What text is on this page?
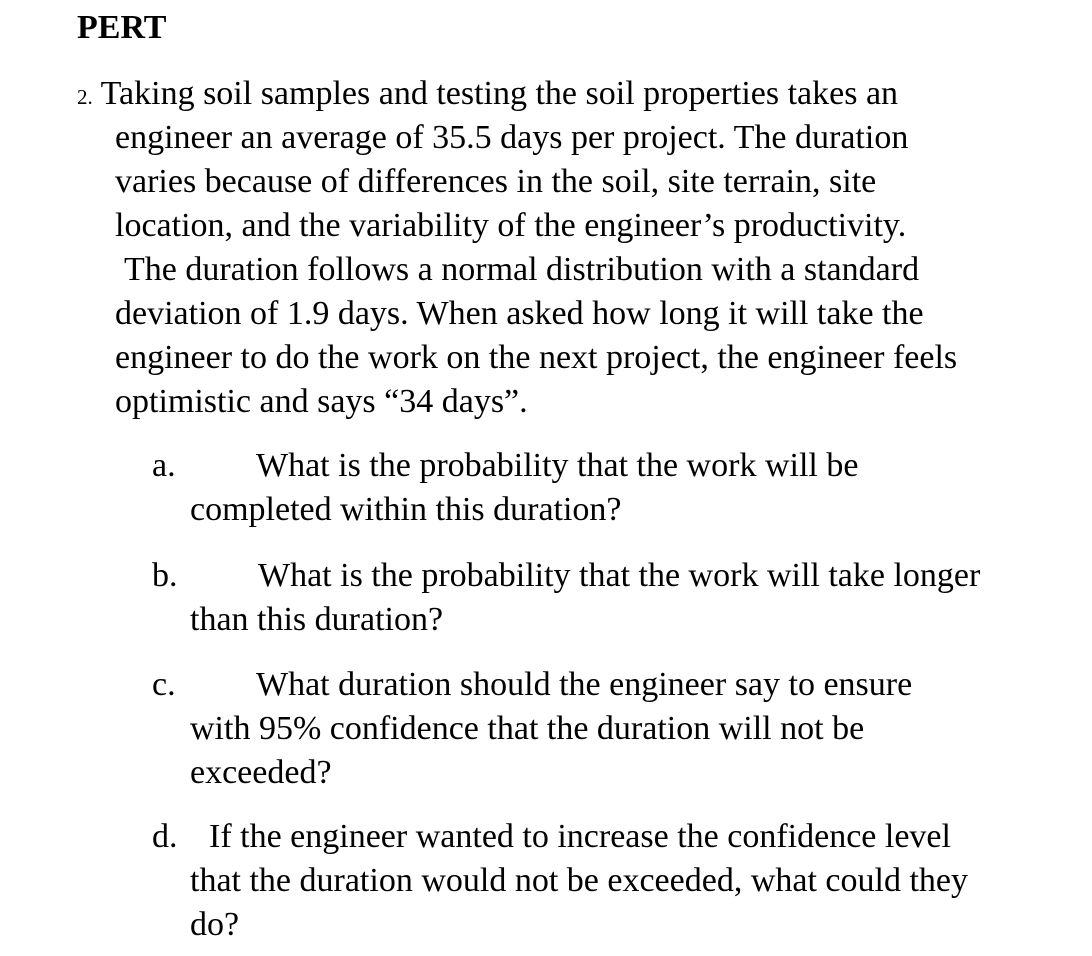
PERT
2. Taking soil samples and testing the soil properties takes an
engineer an average of 35.5 days per project. The duration
varies because of differences in the soil, site terrain, site
location, and the variability of the engineer’s productivity.
The duration follows a normal distribution with a standard
deviation of 1.9 days. When asked how long it will take the
engineer to do the work on the next project, the engineer feels
optimistic and says “34 days”.
a. What is the probability that the work will be
completed within this duration?
b. What is the probability that the work will take longer
than this duration?
c. What duration should the engineer say to ensure
with 95% confidence that the duration will not be
exceeded?
d. If the engineer wanted to increase the confidence level
that the duration would not be exceeded, what could they
do?
